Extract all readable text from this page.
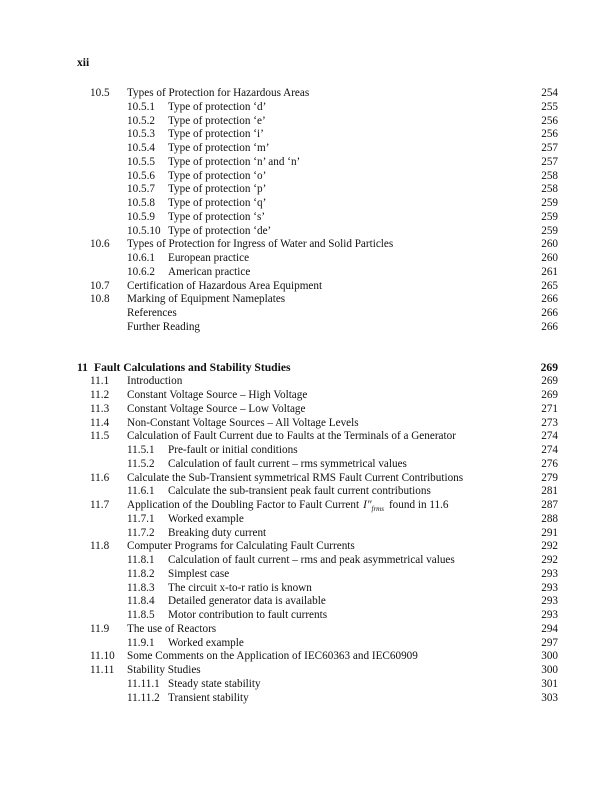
xii
10.5 Types of Protection for Hazardous Areas	254
10.5.1 Type of protection ‘d’	255
10.5.2 Type of protection ‘e’	256
10.5.3 Type of protection ‘i’	256
10.5.4 Type of protection ‘m’	257
10.5.5 Type of protection ‘n’ and ‘n’	257
10.5.6 Type of protection ‘o’	258
10.5.7 Type of protection ‘p’	258
10.5.8 Type of protection ‘q’	259
10.5.9 Type of protection ‘s’	259
10.5.10 Type of protection ‘de’	259
10.6 Types of Protection for Ingress of Water and Solid Particles	260
10.6.1 European practice	260
10.6.2 American practice	261
10.7 Certification of Hazardous Area Equipment	265
10.8 Marking of Equipment Nameplates	266
References	266
Further Reading	266
11 Fault Calculations and Stability Studies	269
11.1 Introduction	269
11.2 Constant Voltage Source – High Voltage	269
11.3 Constant Voltage Source – Low Voltage	271
11.4 Non-Constant Voltage Sources – All Voltage Levels	273
11.5 Calculation of Fault Current due to Faults at the Terminals of a Generator	274
11.5.1 Pre-fault or initial conditions	274
11.5.2 Calculation of fault current – rms symmetrical values	276
11.6 Calculate the Sub-Transient symmetrical RMS Fault Current Contributions	279
11.6.1 Calculate the sub-transient peak fault current contributions	281
11.7 Application of the Doubling Factor to Fault Current $I''_{frms}$ found in 11.6	287
11.7.1 Worked example	288
11.7.2 Breaking duty current	291
11.8 Computer Programs for Calculating Fault Currents	292
11.8.1 Calculation of fault current – rms and peak asymmetrical values	292
11.8.2 Simplest case	293
11.8.3 The circuit x-to-r ratio is known	293
11.8.4 Detailed generator data is available	293
11.8.5 Motor contribution to fault currents	293
11.9 The use of Reactors	294
11.9.1 Worked example	297
11.10 Some Comments on the Application of IEC60363 and IEC60909	300
11.11 Stability Studies	300
11.11.1 Steady state stability	301
11.11.2 Transient stability	303
